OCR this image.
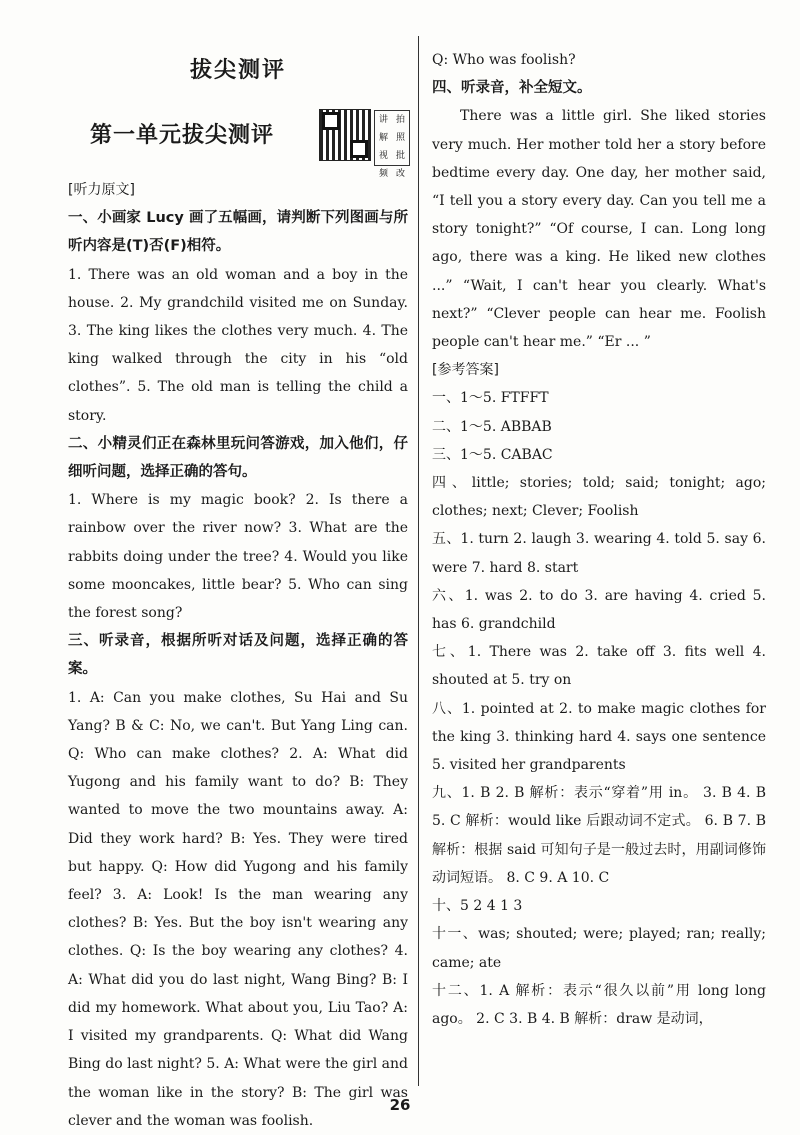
拔尖测评
第一单元拔尖测评
讲 拍
解 照
视 批
频 改

[听力原文]

一、小画家 Lucy 画了五幅画，请判断下列图画与所听内容是(T)否(F)相符。

1. There was an old woman and a boy in the house. 2. My grandchild visited me on Sunday. 3. The king likes the clothes very much. 4. The king walked through the city in his “old clothes”. 5. The old man is telling the child a story.

二、小精灵们正在森林里玩问答游戏，加入他们，仔细听问题，选择正确的答句。

1. Where is my magic book? 2. Is there a rainbow over the river now? 3. What are the rabbits doing under the tree? 4. Would you like some mooncakes, little bear? 5. Who can sing the forest song?

三、听录音，根据所听对话及问题，选择正确的答案。

1. A: Can you make clothes, Su Hai and Su Yang? B & C: No, we can't. But Yang Ling can. Q: Who can make clothes? 2. A: What did Yugong and his family want to do? B: They wanted to move the two mountains away. A: Did they work hard? B: Yes. They were tired but happy. Q: How did Yugong and his family feel? 3. A: Look! Is the man wearing any clothes? B: Yes. But the boy isn't wearing any clothes. Q: Is the boy wearing any clothes? 4. A: What did you do last night, Wang Bing? B: I did my homework. What about you, Liu Tao? A: I visited my grandparents. Q: What did Wang Bing do last night? 5. A: What were the girl and the woman like in the story? B: The girl was clever and the woman was foolish.

Q: Who was foolish?

四、听录音，补全短文。

There was a little girl. She liked stories very much. Her mother told her a story before bedtime every day. One day, her mother said, “I tell you a story every day. Can you tell me a story tonight?” “Of course, I can. Long long ago, there was a king. He liked new clothes ...” “Wait, I can't hear you clearly. What's next?” “Clever people can hear me. Foolish people can't hear me.” “Er ... ”

[参考答案]

一、1～5. FTFFT

二、1～5. ABBAB

三、1～5. CABAC

四、little; stories; told; said; tonight; ago; clothes; next; Clever; Foolish

五、1. turn 2. laugh 3. wearing 4. told 5. say 6. were 7. hard 8. start

六、1. was 2. to do 3. are having 4. cried 5. has 6. grandchild

七、1. There was 2. take off 3. fits well 4. shouted at 5. try on

八、1. pointed at 2. to make magic clothes for the king 3. thinking hard 4. says one sentence 5. visited her grandparents

九、1. B 2. B 解析：表示“穿着”用 in。 3. B 4. B 5. C 解析：would like 后跟动词不定式。 6. B 7. B 解析：根据 said 可知句子是一般过去时，用副词修饰动词短语。 8. C 9. A 10. C

十、5 2 4 1 3

十一、was; shouted; were; played; ran; really; came; ate

十二、1. A 解析：表示“很久以前”用 long long ago。 2. C 3. B 4. B 解析：draw 是动词，

26
